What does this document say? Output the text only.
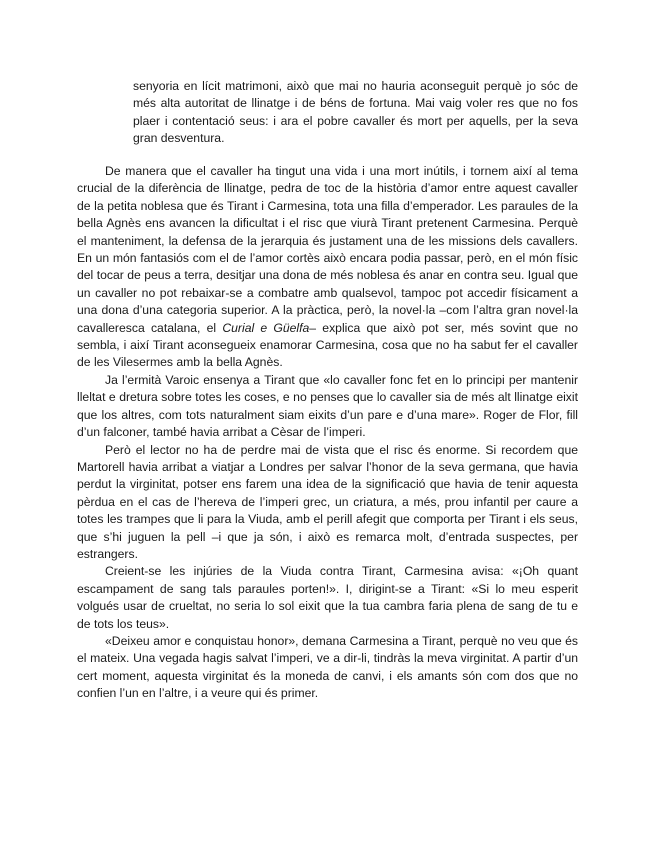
senyoria en lícit matrimoni, això que mai no hauria aconseguit perquè jo sóc de més alta autoritat de llinatge i de béns de fortuna. Mai vaig voler res que no fos plaer i contentació seus: i ara el pobre cavaller és mort per aquells, per la seva gran desventura.

De manera que el cavaller ha tingut una vida i una mort inútils, i tornem així al tema crucial de la diferència de llinatge, pedra de toc de la història d’amor entre aquest cavaller de la petita noblesa que és Tirant i Carmesina, tota una filla d’emperador. Les paraules de la bella Agnès ens avancen la dificultat i el risc que viurà Tirant pretenent Carmesina. Perquè el manteniment, la defensa de la jerarquia és justament una de les missions dels cavallers. En un món fantasiós com el de l’amor cortès això encara podia passar, però, en el món físic del tocar de peus a terra, desitjar una dona de més noblesa és anar en contra seu. Igual que un cavaller no pot rebaixar-se a combatre amb qualsevol, tampoc pot accedir físicament a una dona d’una categoria superior. A la pràctica, però, la novel·la –com l’altra gran novel·la cavalleresca catalana, el Curial e Güelfa– explica que això pot ser, més sovint que no sembla, i així Tirant aconsegueix enamorar Carmesina, cosa que no ha sabut fer el cavaller de les Vilesermes amb la bella Agnès.

Ja l’ermità Varoic ensenya a Tirant que «lo cavaller fonc fet en lo principi per mantenir lleltat e dretura sobre totes les coses, e no penses que lo cavaller sia de més alt llinatge eixit que los altres, com tots naturalment siam eixits d’un pare e d’una mare». Roger de Flor, fill d’un falconer, també havia arribat a Cèsar de l’imperi.

Però el lector no ha de perdre mai de vista que el risc és enorme. Si recordem que Martorell havia arribat a viatjar a Londres per salvar l’honor de la seva germana, que havia perdut la virginitat, potser ens farem una idea de la significació que havia de tenir aquesta pèrdua en el cas de l’hereva de l’imperi grec, un criatura, a més, prou infantil per caure a totes les trampes que li para la Viuda, amb el perill afegit que comporta per Tirant i els seus, que s’hi juguen la pell –i que ja són, i això es remarca molt, d’entrada suspectes, per estrangers.

Creient-se les injúries de la Viuda contra Tirant, Carmesina avisa: «¡Oh quant escampament de sang tals paraules porten!». I, dirigint-se a Tirant: «Si lo meu esperit volgués usar de crueltat, no seria lo sol eixit que la tua cambra faria plena de sang de tu e de tots los teus».

«Deixeu amor e conquistau honor», demana Carmesina a Tirant, perquè no veu que és el mateix. Una vegada hagis salvat l’imperi, ve a dir-li, tindràs la meva virginitat. A partir d’un cert moment, aquesta virginitat és la moneda de canvi, i els amants són com dos que no confien l’un en l’altre, i a veure qui és primer.
